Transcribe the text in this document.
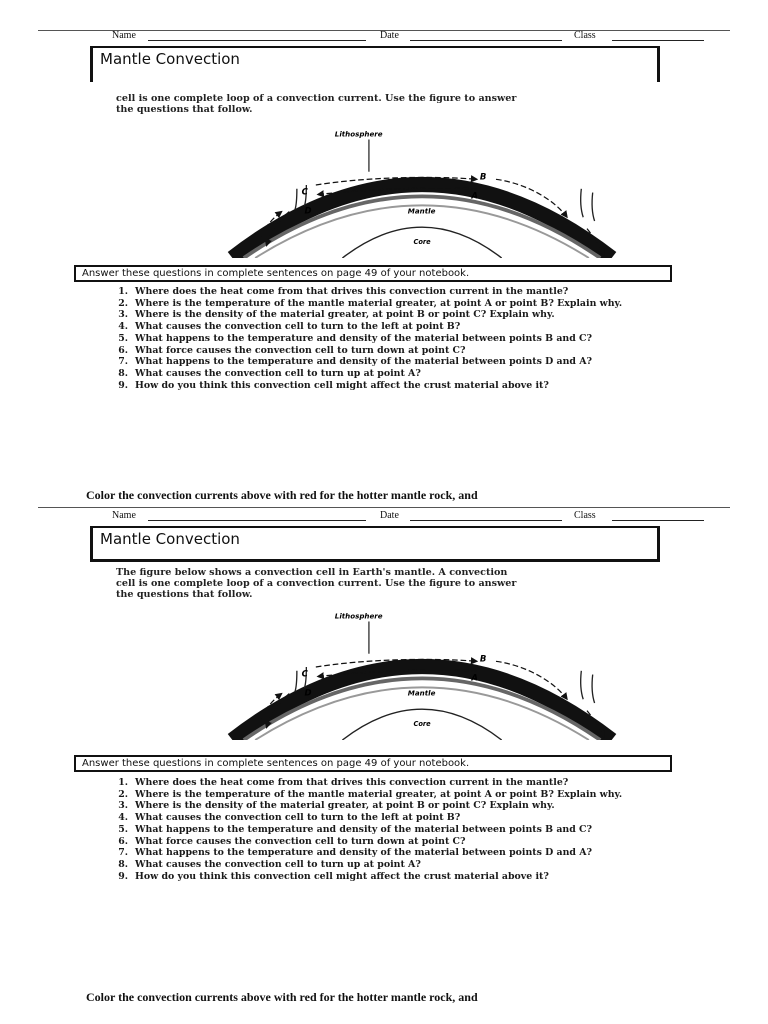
Name	Date	Class
Mantle Convection
cell is one complete loop of a convection current. Use the figure to answer
the questions that follow.
Lithosphere
Mantle
Core
A
B
C
D
Answer these questions in complete sentences on page 49 of your notebook.
1. Where does the heat come from that drives this convection current in the mantle?
2. Where is the temperature of the mantle material greater, at point A or point B? Explain why.
3. Where is the density of the material greater, at point B or point C? Explain why.
4. What causes the convection cell to turn to the left at point B?
5. What happens to the temperature and density of the material between points B and C?
6. What force causes the convection cell to turn down at point C?
7. What happens to the temperature and density of the material between points D and A?
8. What causes the convection cell to turn up at point A?
9. How do you think this convection cell might affect the crust material above it?
Color the convection currents above with red for the hotter mantle rock, and
Name	Date	Class
Mantle Convection
The figure below shows a convection cell in Earth's mantle. A convection
cell is one complete loop of a convection current. Use the figure to answer
the questions that follow.
Lithosphere
Mantle
Core
A
B
C
D
Answer these questions in complete sentences on page 49 of your notebook.
1. Where does the heat come from that drives this convection current in the mantle?
2. Where is the temperature of the mantle material greater, at point A or point B? Explain why.
3. Where is the density of the material greater, at point B or point C? Explain why.
4. What causes the convection cell to turn to the left at point B?
5. What happens to the temperature and density of the material between points B and C?
6. What force causes the convection cell to turn down at point C?
7. What happens to the temperature and density of the material between points D and A?
8. What causes the convection cell to turn up at point A?
9. How do you think this convection cell might affect the crust material above it?
Color the convection currents above with red for the hotter mantle rock, and
